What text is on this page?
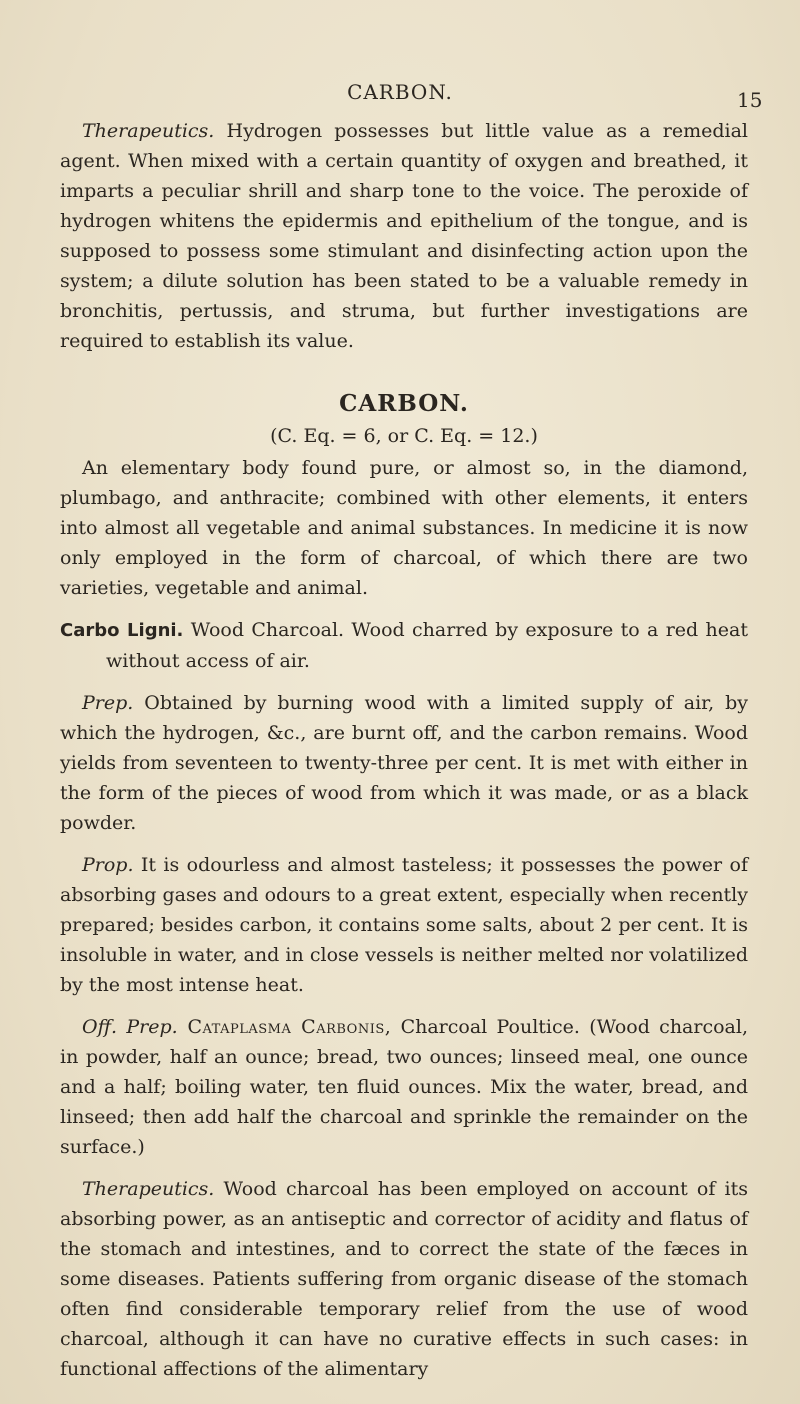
CARBON.	15

Therapeutics. Hydrogen possesses but little value as a remedial agent. When mixed with a certain quantity of oxygen and breathed, it imparts a peculiar shrill and sharp tone to the voice. The peroxide of hydrogen whitens the epidermis and epithelium of the tongue, and is supposed to possess some stimulant and disinfecting action upon the system; a dilute solution has been stated to be a valuable remedy in bronchitis, pertussis, and struma, but further investigations are required to establish its value.

CARBON.
(C. Eq. = 6, or C. Eq. = 12.)

An elementary body found pure, or almost so, in the diamond, plumbago, and anthracite; combined with other elements, it enters into almost all vegetable and animal substances. In medicine it is now only employed in the form of charcoal, of which there are two varieties, vegetable and animal.

Carbo Ligni. Wood Charcoal. Wood charred by exposure to a red heat without access of air.

Prep. Obtained by burning wood with a limited supply of air, by which the hydrogen, &c., are burnt off, and the carbon remains. Wood yields from seventeen to twenty-three per cent. It is met with either in the form of the pieces of wood from which it was made, or as a black powder.

Prop. It is odourless and almost tasteless; it possesses the power of absorbing gases and odours to a great extent, especially when recently prepared; besides carbon, it contains some salts, about 2 per cent. It is insoluble in water, and in close vessels is neither melted nor volatilized by the most intense heat.

Off. Prep. Cataplasma Carbonis, Charcoal Poultice. (Wood charcoal, in powder, half an ounce; bread, two ounces; linseed meal, one ounce and a half; boiling water, ten fluid ounces. Mix the water, bread, and linseed; then add half the charcoal and sprinkle the remainder on the surface.)

Therapeutics. Wood charcoal has been employed on account of its absorbing power, as an antiseptic and corrector of acidity and flatus of the stomach and intestines, and to correct the state of the fæces in some diseases. Patients suffering from organic disease of the stomach often find considerable temporary relief from the use of wood charcoal, although it can have no curative effects in such cases: in functional affections of the alimentary
